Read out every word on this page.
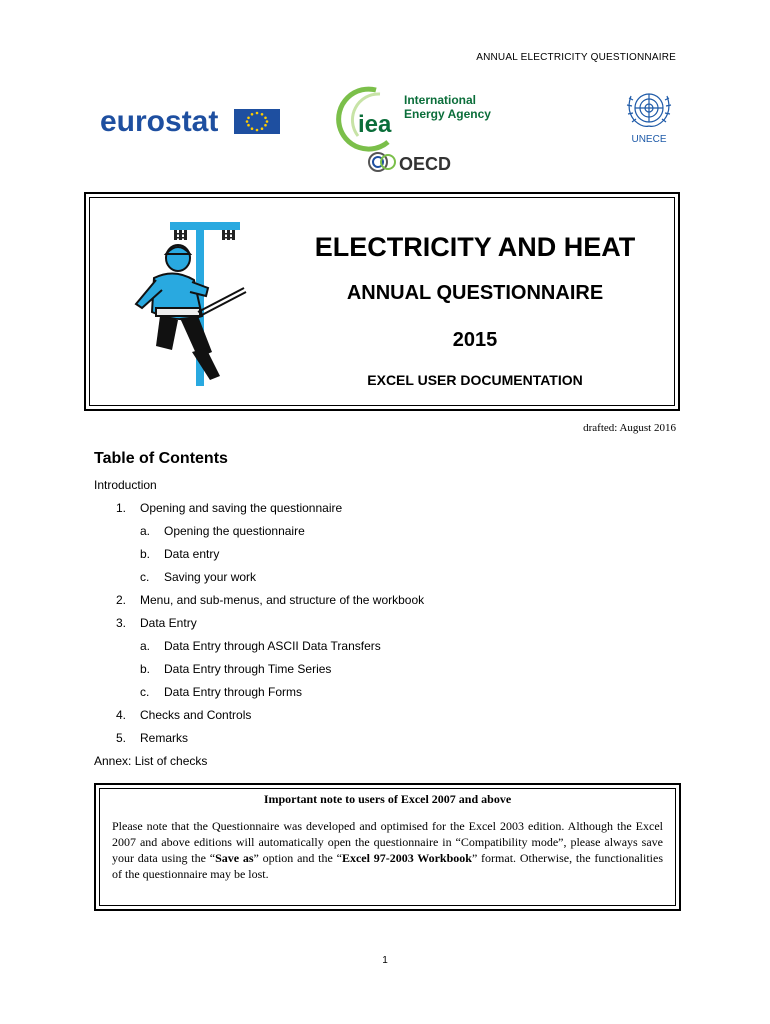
ANNUAL ELECTRICITY QUESTIONNAIRE
eurostat	iea
International
Energy Agency
OECD
UNECE
ELECTRICITY AND HEAT
ANNUAL QUESTIONNAIRE
2015
EXCEL USER DOCUMENTATION
drafted: August 2016
Table of Contents
Introduction
1.	Opening and saving the questionnaire
a.	Opening the questionnaire
b.	Data entry
c.	Saving your work
2.	Menu, and sub-menus, and structure of the workbook
3.	Data Entry
a.	Data Entry through ASCII Data Transfers
b.	Data Entry through Time Series
c.	Data Entry through Forms
4.	Checks and Controls
5.	Remarks
Annex: List of checks
Important note to users of Excel 2007 and above
Please note that the Questionnaire was developed and optimised for the Excel 2003 edition. Although the Excel 2007 and above editions will automatically open the questionnaire in “Compatibility mode”, please always save your data using the “Save as” option and the “Excel 97-2003 Workbook” format. Otherwise, the functionalities of the questionnaire may be lost.
1
